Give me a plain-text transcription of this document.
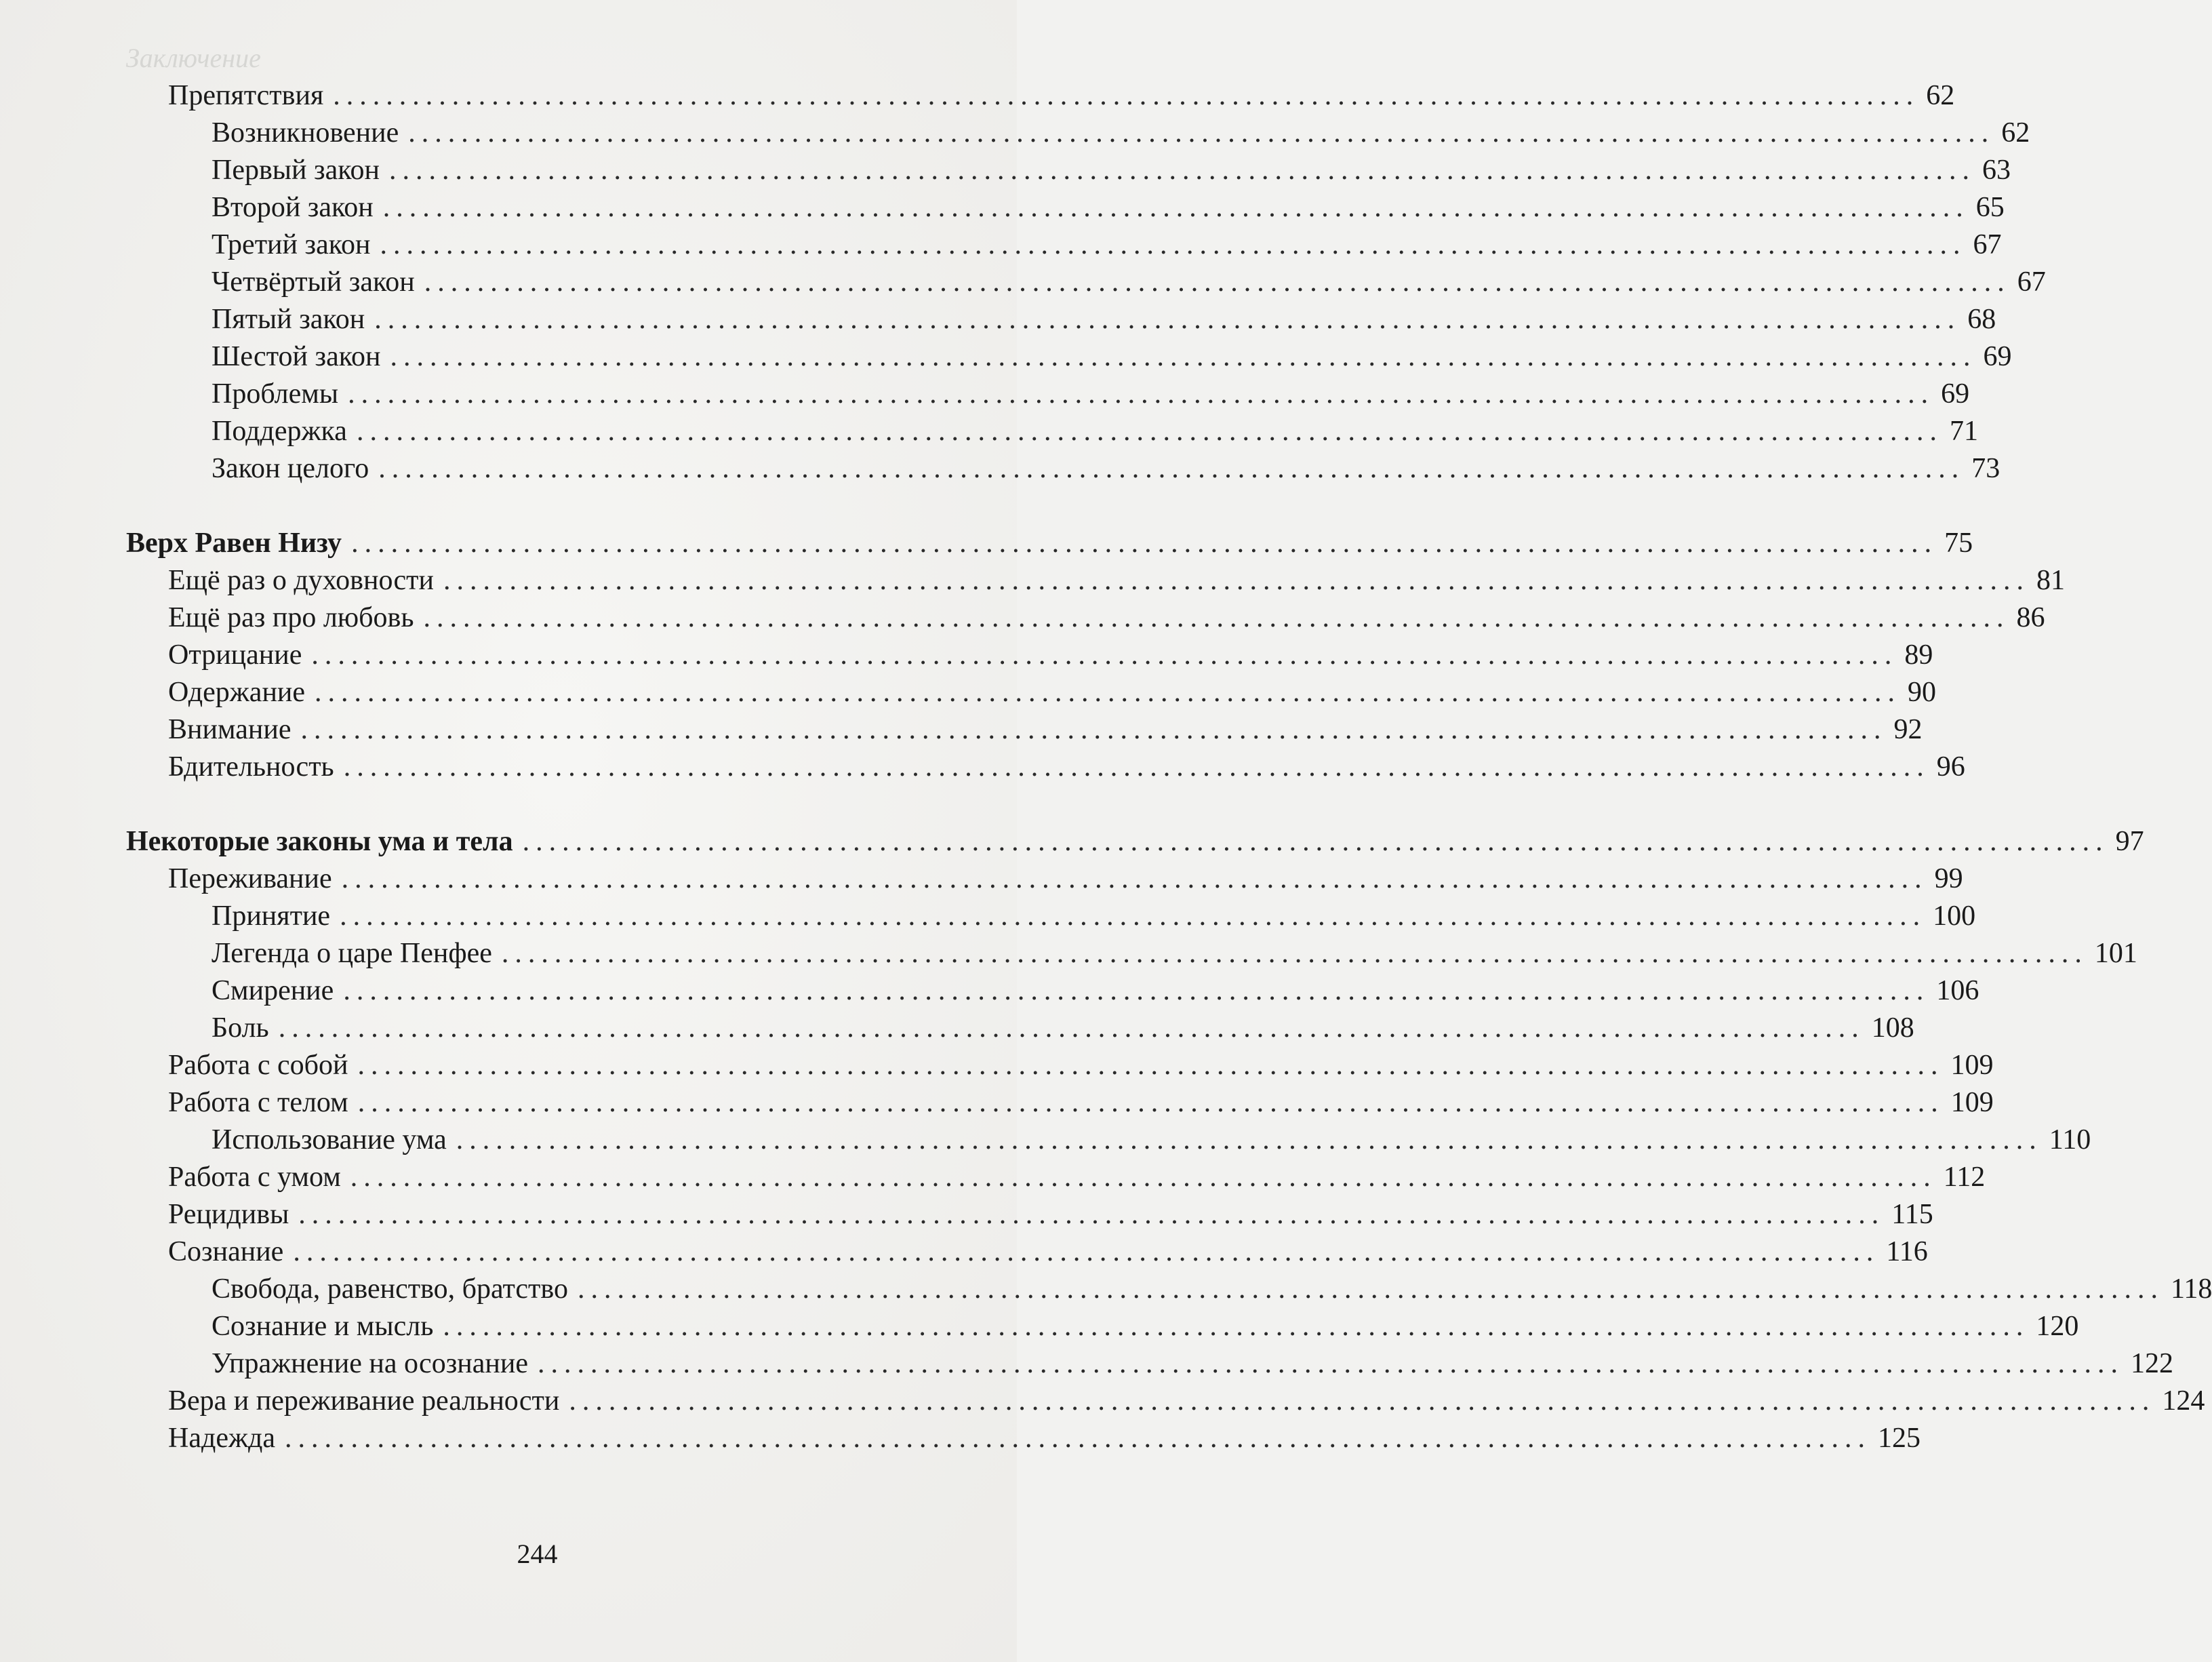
Заключение
Препятствия ........................................................................................................................ 62
Возникновение ........................................................................................................................ 62
Первый закон ........................................................................................................................ 63
Второй закон ........................................................................................................................ 65
Третий закон ........................................................................................................................ 67
Четвёртый закон ........................................................................................................................ 67
Пятый закон ........................................................................................................................ 68
Шестой закон ........................................................................................................................ 69
Проблемы ........................................................................................................................ 69
Поддержка ........................................................................................................................ 71
Закон целого ........................................................................................................................ 73
Верх Равен Низу ........................................................................................................................ 75
Ещё раз о духовности ........................................................................................................................ 81
Ещё раз про любовь ........................................................................................................................ 86
Отрицание ........................................................................................................................ 89
Одержание ........................................................................................................................ 90
Внимание ........................................................................................................................ 92
Бдительность ........................................................................................................................ 96
Некоторые законы ума и тела ........................................................................................................................ 97
Переживание ........................................................................................................................ 99
Принятие ........................................................................................................................ 100
Легенда о царе Пенфее ........................................................................................................................ 101
Смирение ........................................................................................................................ 106
Боль ........................................................................................................................ 108
Работа с собой ........................................................................................................................ 109
Работа с телом ........................................................................................................................ 109
Использование ума ........................................................................................................................ 110
Работа с умом ........................................................................................................................ 112
Рецидивы ........................................................................................................................ 115
Сознание ........................................................................................................................ 116
Свобода, равенство, братство ........................................................................................................................ 118
Сознание и мысль ........................................................................................................................ 120
Упражнение на осознание ........................................................................................................................ 122
Вера и переживание реальности ........................................................................................................................ 124
Надежда ........................................................................................................................ 125
244
